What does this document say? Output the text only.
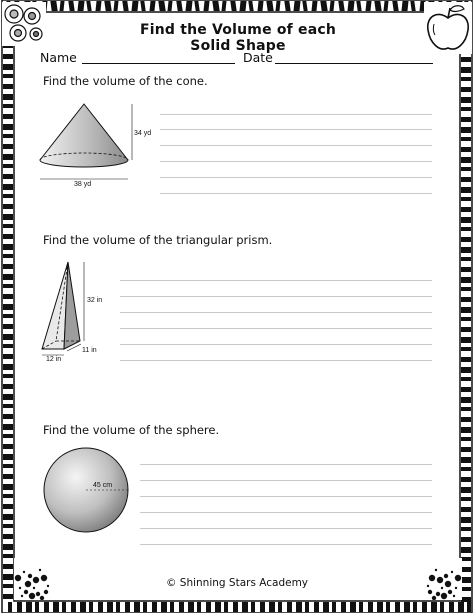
Find the Volume of each Solid Shape
Name	Date
Find the volume of the cone.
34 yd
38 yd
Find the volume of the triangular prism.
32 in
12 in
11 in
Find the volume of the sphere.
45 cm
© Shinning Stars Academy
